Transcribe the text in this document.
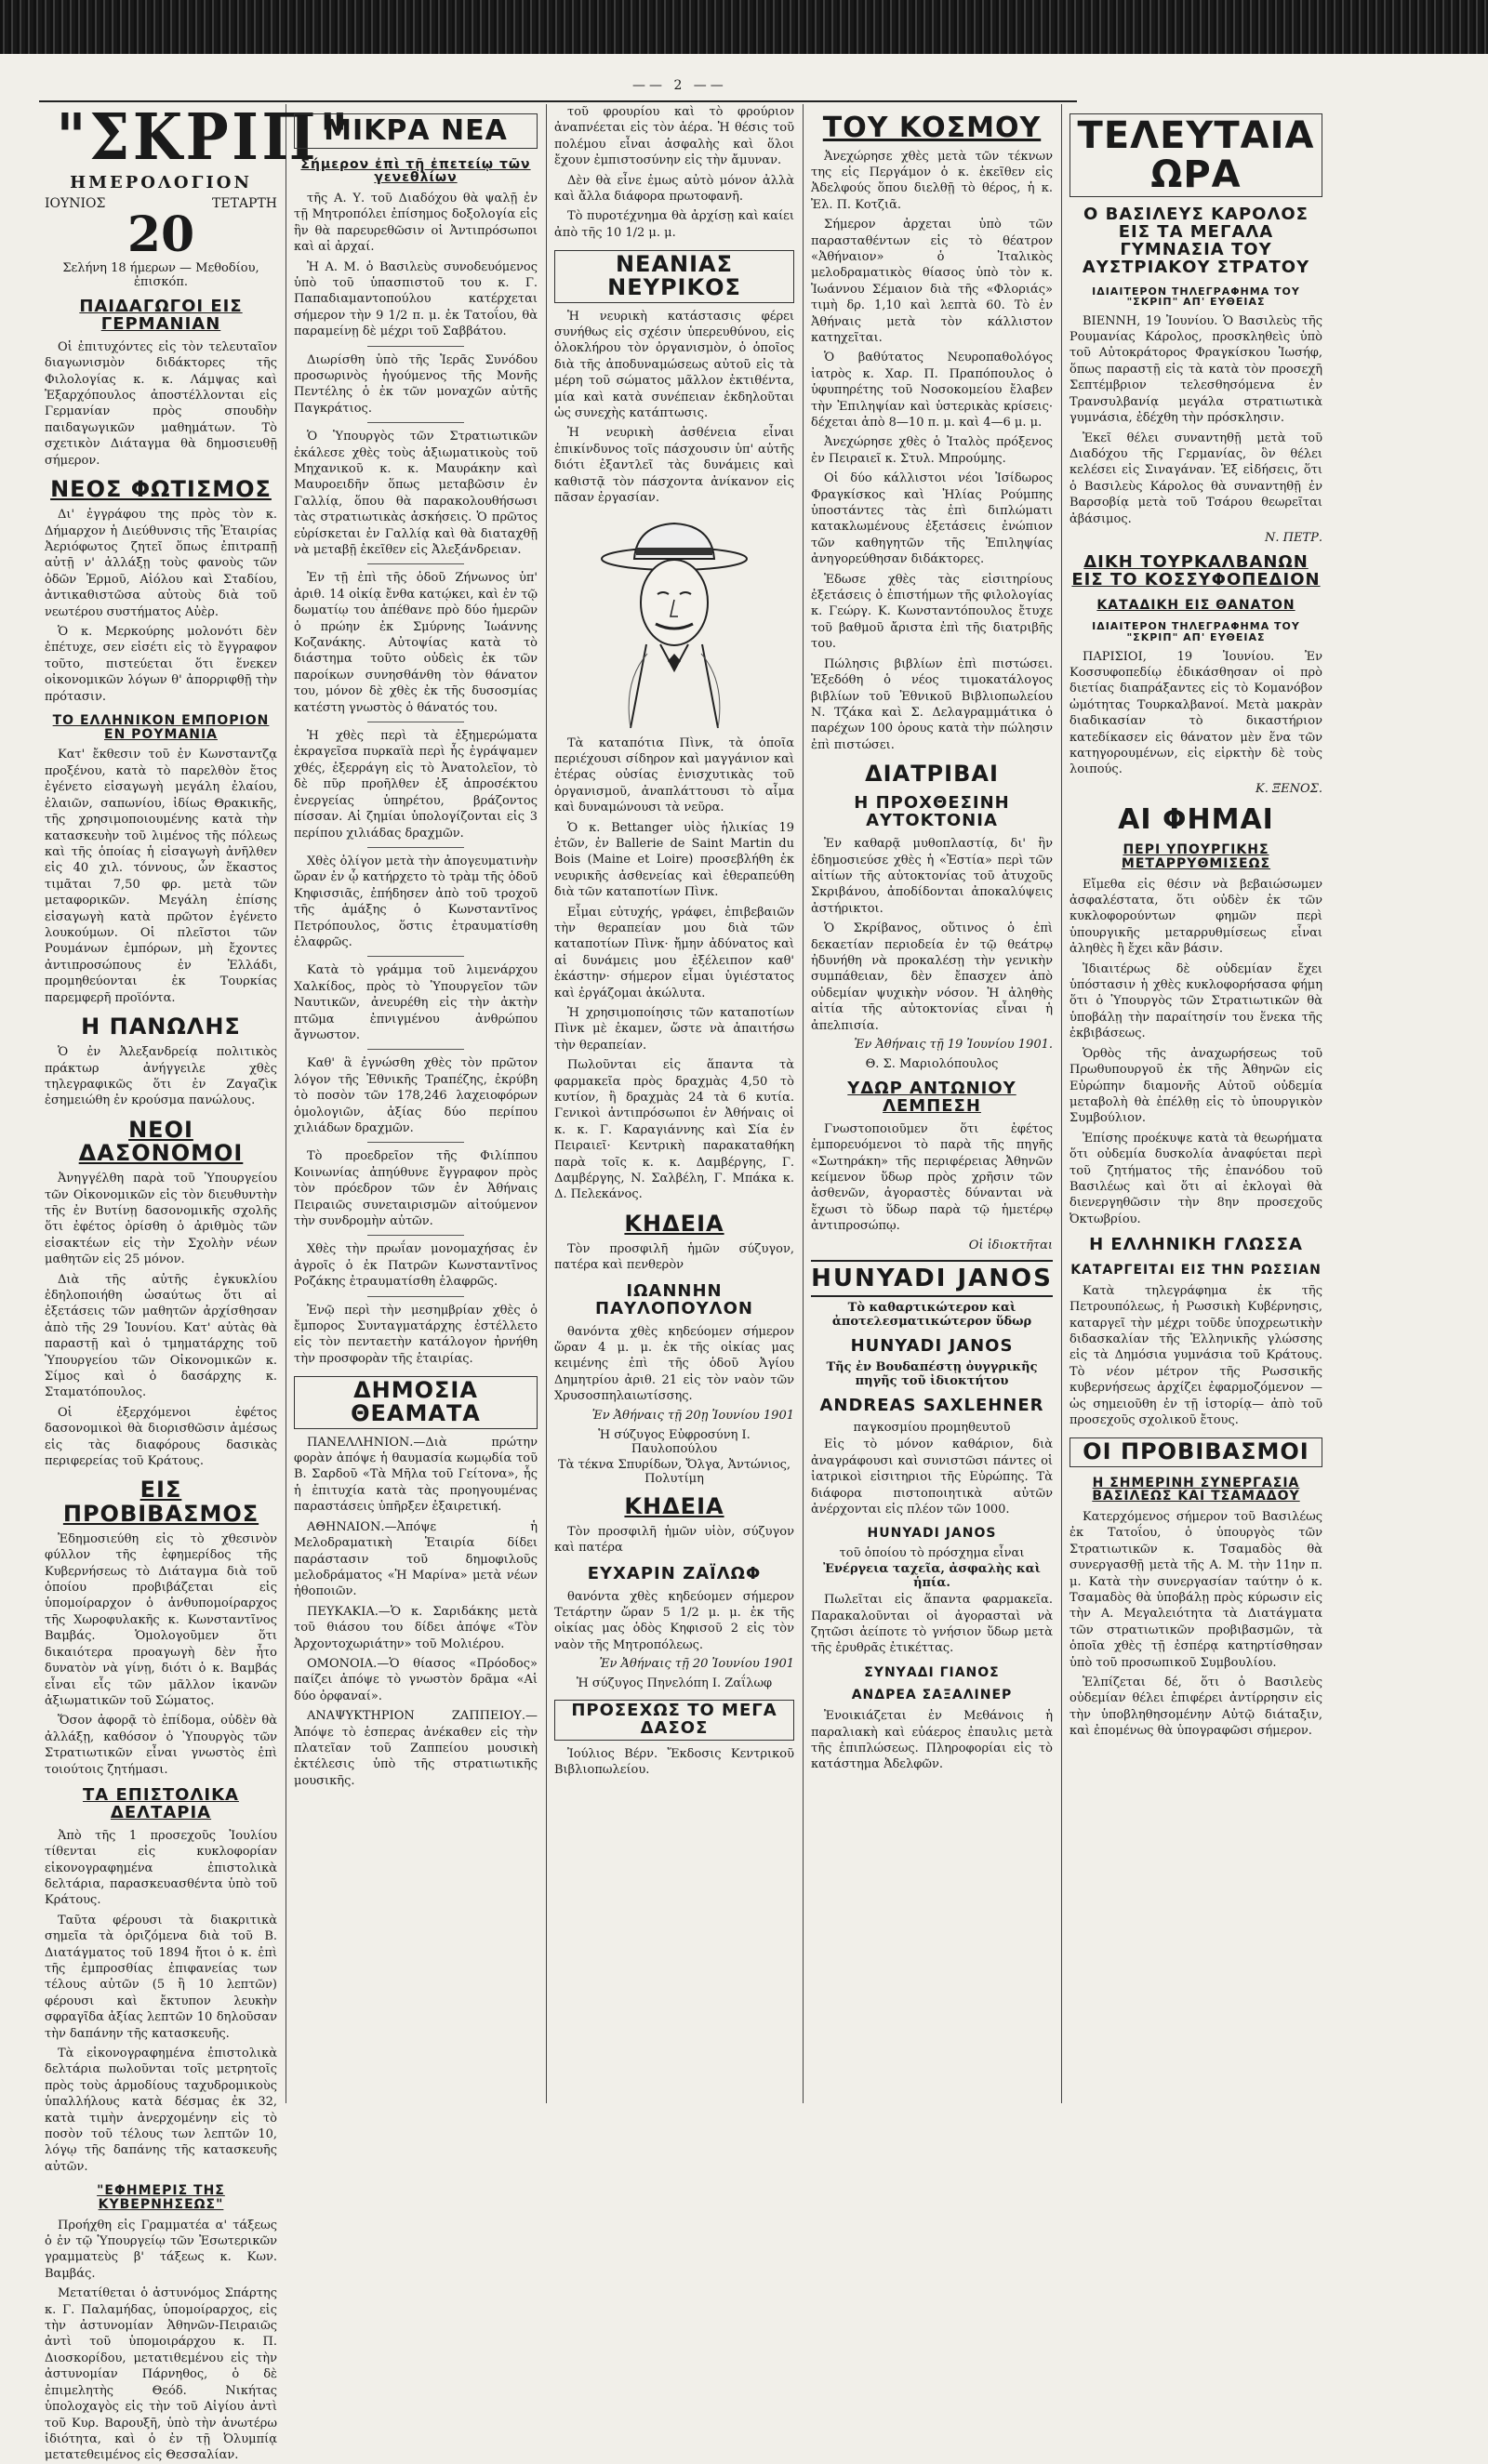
—— 2 ——
"ΣΚΡΙΠ"
ΗΜΕΡΟΛΟΓΙΟΝ
ΙΟΥΝΙΟΣ	ΤΕΤΑΡΤΗ
20
Σελήνη 18 ήμερων — Μεθοδίου, ἐπισκόπ.
ΠΑΙΔΑΓΩΓΟΙ ΕΙΣ ΓΕΡΜΑΝΙΑΝ

Οἱ ἐπιτυχόντες εἰς τὸν τελευταῖον διαγωνισμὸν διδάκτορες τῆς Φιλολογίας κ. κ. Λάμψας καὶ Ἐξαρχόπουλος ἀποστέλλονται εἰς Γερμανίαν πρὸς σπουδὴν παιδαγωγικῶν μαθημάτων. Τὸ σχετικὸν Διάταγμα θὰ δημοσιευθῇ σήμερον.

ΝΕΟΣ ΦΩΤΙΣΜΟΣ

Δι' ἐγγράφου της πρὸς τὸν κ. Δήμαρχον ἡ Διεύθυνσις τῆς Ἑταιρίας Ἀεριόφωτος ζητεῖ ὅπως ἐπιτραπῇ αὐτῇ ν' ἀλλάξῃ τοὺς φανοὺς τῶν ὁδῶν Ἑρμοῦ, Αἰόλου καὶ Σταδίου, ἀντικαθιστῶσα αὐτοὺς διὰ τοῦ νεωτέρου συστήματος Αὐὲρ.

Ὁ κ. Μερκούρης μολονότι δὲν ἐπέτυχε, σεν εἰσέτι εἰς τὸ ἔγγραφον τοῦτο, πιστεύεται ὅτι ἕνεκεν οἰκονομικῶν λόγων θ' ἀπορριφθῇ τὴν πρότασιν.

ΤΟ ΕΛΛΗΝΙΚΟΝ ΕΜΠΟΡΙΟΝ ΕΝ ΡΟΥΜΑΝΙΑ

Κατ' ἔκθεσιν τοῦ ἐν Κωνσταντζᾳ προξένου, κατὰ τὸ παρελθὸν ἔτος ἐγένετο εἰσαγωγὴ μεγάλη ἐλαίου, ἐλαιῶν, σαπωνίου, ἰδίως Θρακικῆς, τῆς χρησιμοποιουμένης κατὰ τὴν κατασκευὴν τοῦ λιμένος τῆς πόλεως καὶ τῆς ὁποίας ἡ εἰσαγωγὴ ἀνῆλθεν εἰς 40 χιλ. τόννους, ὧν ἕκαστος τιμᾶται 7,50 φρ. μετὰ τῶν μεταφορικῶν. Μεγάλη ἐπίσης εἰσαγωγὴ κατὰ πρῶτον ἐγένετο λουκούμων. Οἱ πλεῖστοι τῶν Ρουμάνων ἐμπόρων, μὴ ἔχοντες ἀντιπροσώπους ἐν Ἑλλάδι, προμηθεύονται ἐκ Τουρκίας παρεμφερῆ προϊόντα.

Η ΠΑΝΩΛΗΣ

Ὁ ἐν Ἀλεξανδρείᾳ πολιτικὸς πράκτωρ ἀνήγγειλε χθὲς τηλεγραφικῶς ὅτι ἐν Ζαγαζὶκ ἐσημειώθη ἐν κρούσμα πανώλους.

ΝΕΟΙ ΔΑΣΟΝΟΜΟΙ

Ἀνηγγέλθη παρὰ τοῦ Ὑπουργείου τῶν Οἰκονομικῶν εἰς τὸν διευθυντὴν τῆς ἐν Βυτίνῃ δασονομικῆς σχολῆς ὅτι ἐφέτος ὁρίσθη ὁ ἀριθμὸς τῶν εἰσακτέων εἰς τὴν Σχολὴν νέων μαθητῶν εἰς 25 μόνον.

Διὰ τῆς αὐτῆς ἐγκυκλίου ἐδηλοποιήθη ὡσαύτως ὅτι αἱ ἐξετάσεις τῶν μαθητῶν ἀρχίσθησαν ἀπὸ τῆς 29 Ἰουνίου. Κατ' αὐτὰς θὰ παραστῇ καὶ ὁ τμηματάρχης τοῦ Ὑπουργείου τῶν Οἰκονομικῶν κ. Σίμος καὶ ὁ δασάρχης κ. Σταματόπουλος.

Οἱ ἐξερχόμενοι ἐφέτος δασονομικοὶ θὰ διορισθῶσιν ἀμέσως εἰς τὰς διαφόρους δασικὰς περιφερείας τοῦ Κράτους.

ΕΙΣ ΠΡΟΒΙΒΑΣΜΟΣ

Ἐδημοσιεύθη εἰς τὸ χθεσινὸν φύλλον τῆς ἐφημερίδος τῆς Κυβερνήσεως τὸ Διάταγμα διὰ τοῦ ὁποίου προβιβάζεται εἰς ὑπομοίραρχον ὁ ἀνθυπομοίραρχος τῆς Χωροφυλακῆς κ. Κωνσταντῖνος Βαμβάς. Ὁμολογοῦμεν ὅτι δικαιότερα προαγωγὴ δὲν ἦτο δυνατὸν νὰ γίνῃ, διότι ὁ κ. Βαμβάς εἶναι εἷς τῶν μᾶλλον ἱκανῶν ἀξιωματικῶν τοῦ Σώματος.

Ὅσον ἀφορᾷ τὸ ἐπίδομα, οὐδὲν θὰ ἀλλάξῃ, καθόσον ὁ Ὑπουργὸς τῶν Στρατιωτικῶν εἶναι γνωστὸς ἐπὶ τοιούτοις ζητήμασι.

ΤΑ ΕΠΙΣΤΟΛΙΚΑ ΔΕΛΤΑΡΙΑ

Ἀπὸ τῆς 1 προσεχοῦς Ἰουλίου τίθενται εἰς κυκλοφορίαν εἰκονογραφημένα ἐπιστολικὰ δελτάρια, παρασκευασθέντα ὑπὸ τοῦ Κράτους.

Ταῦτα φέρουσι τὰ διακριτικὰ σημεῖα τὰ ὁριζόμενα διὰ τοῦ Β. Διατάγματος τοῦ 1894 ἤτοι ὁ κ. ἐπὶ τῆς ἐμπροσθίας ἐπιφανείας των τέλους αὐτῶν (5 ἢ 10 λεπτῶν) φέρουσι καὶ ἔκτυπον λευκὴν σφραγῖδα ἀξίας λεπτῶν 10 δηλοῦσαν τὴν δαπάνην τῆς κατασκευῆς.

Τὰ εἰκονογραφημένα ἐπιστολικὰ δελτάρια πωλοῦνται τοῖς μετρητοῖς πρὸς τοὺς ἁρμοδίους ταχυδρομικοὺς ὑπαλλήλους κατὰ δέσμας ἐκ 32, κατὰ τιμὴν ἀνερχομένην εἰς τὸ ποσὸν τοῦ τέλους των λεπτῶν 10, λόγῳ τῆς δαπάνης τῆς κατασκευῆς αὐτῶν.

"ΕΦΗΜΕΡΙΣ ΤΗΣ ΚΥΒΕΡΝΗΣΕΩΣ"

Προήχθη εἰς Γραμματέα α' τάξεως ὁ ἐν τῷ Ὑπουργείῳ τῶν Ἐσωτερικῶν γραμματεὺς β' τάξεως κ. Κων. Βαμβάς.

Μετατίθεται ὁ ἀστυνόμος Σπάρτης κ. Γ. Παλαμήδας, ὑπομοίραρχος, εἰς τὴν ἀστυνομίαν Ἀθηνῶν-Πειραιῶς ἀντὶ τοῦ ὑπομοιράρχου κ. Π. Διοσκορίδου, μετατιθεμένου εἰς τὴν ἀστυνομίαν Πάρνηθος, ὁ δὲ ἐπιμελητὴς Θεόδ. Νικήτας ὑπολοχαγὸς εἰς τὴν τοῦ Αἰγίου ἀντὶ τοῦ Κυρ. Βαρουξῆ, ὑπὸ τὴν ἀνωτέρω ἰδιότητα, καὶ ὁ ἐν τῇ Ὀλυμπίᾳ μετατεθειμένος εἰς Θεσσαλίαν.

ΜΙΚΡΑ ΝΕΑ
Σήμερον ἐπὶ τῇ ἐπετείῳ τῶν γενεθλίων

τῆς Α. Υ. τοῦ Διαδόχου θὰ ψαλῇ ἐν τῇ Μητροπόλει ἐπίσημος δοξολογία εἰς ἣν θὰ παρευρεθῶσιν οἱ Ἀντιπρόσωποι καὶ αἱ ἀρχαί.

Ἡ Α. Μ. ὁ Βασιλεὺς συνοδευόμενος ὑπὸ τοῦ ὑπασπιστοῦ του κ. Γ. Παπαδιαμαντοπούλου κατέρχεται σήμερον τὴν 9 1/2 π. μ. ἐκ Τατοΐου, θὰ παραμείνῃ δὲ μέχρι τοῦ Σαββάτου.

Διωρίσθη ὑπὸ τῆς Ἱερᾶς Συνόδου προσωρινὸς ἡγούμενος τῆς Μονῆς Πεντέλης ὁ ἐκ τῶν μοναχῶν αὐτῆς Παγκράτιος.

Ὁ Ὑπουργὸς τῶν Στρατιωτικῶν ἐκάλεσε χθὲς τοὺς ἀξιωματικοὺς τοῦ Μηχανικοῦ κ. κ. Μαυράκην καὶ Μαυροειδῆν ὅπως μεταβῶσιν ἐν Γαλλίᾳ, ὅπου θὰ παρακολουθήσωσι τὰς στρατιωτικὰς ἀσκήσεις. Ὁ πρῶτος εὑρίσκεται ἐν Γαλλίᾳ καὶ θὰ διαταχθῇ νὰ μεταβῇ ἐκεῖθεν εἰς Ἀλεξάνδρειαν.

Ἐν τῇ ἐπὶ τῆς ὁδοῦ Ζήνωνος ὑπ' ἀριθ. 14 οἰκίᾳ ἔνθα κατῴκει, καὶ ἐν τῷ δωματίῳ του ἀπέθανε πρὸ δύο ἡμερῶν ὁ πρώην ἐκ Σμύρνης Ἰωάννης Κοζανάκης. Αὐτοψίας κατὰ τὸ διάστημα τοῦτο οὐδεὶς ἐκ τῶν παροίκων συνησθάνθη τὸν θάνατον του, μόνον δὲ χθὲς ἐκ τῆς δυσοσμίας κατέστη γνωστὸς ὁ θάνατός του.

Ἡ χθὲς περὶ τὰ ἐξημερώματα ἐκραγεῖσα πυρκαϊὰ περὶ ἧς ἐγράψαμεν χθές, ἐξερράγη εἰς τὸ Ἀνατολεῖον, τὸ δὲ πῦρ προῆλθεν ἐξ ἀπροσέκτου ἐνεργείας ὑπηρέτου, βράζοντος πίσσαν. Αἱ ζημίαι ὑπολογίζονται εἰς 3 περίπου χιλιάδας δραχμῶν.

Χθὲς ὀλίγον μετὰ τὴν ἀπογευματινὴν ὥραν ἐν ᾧ κατήρχετο τὸ τρὰμ τῆς ὁδοῦ Κηφισσιᾶς, ἐπήδησεν ἀπὸ τοῦ τροχοῦ τῆς ἁμάξης ὁ Κωνσταντῖνος Πετρόπουλος, ὅστις ἐτραυματίσθη ἐλαφρῶς.

Κατὰ τὸ γράμμα τοῦ λιμενάρχου Χαλκίδος, πρὸς τὸ Ὑπουργεῖον τῶν Ναυτικῶν, ἀνευρέθη εἰς τὴν ἀκτὴν πτῶμα ἐπνιγμένου ἀνθρώπου ἄγνωστον.

Καθ' ἃ ἐγνώσθη χθὲς τὸν πρῶτον λόγον τῆς Ἐθνικῆς Τραπέζης, ἐκρύβη τὸ ποσὸν τῶν 178,246 λαχειοφόρων ὁμολογιῶν, ἀξίας δύο περίπου χιλιάδων δραχμῶν.

Τὸ προεδρεῖον τῆς Φιλίππου Κοινωνίας ἀπηύθυνε ἔγγραφον πρὸς τὸν πρόεδρον τῶν ἐν Ἀθήναις Πειραιῶς συνεταιρισμῶν αἰτούμενον τὴν συνδρομὴν αὐτῶν.

Χθὲς τὴν πρωΐαν μονομαχήσας ἐν ἀγροῖς ὁ ἐκ Πατρῶν Κωνσταντῖνος Ροζάκης ἐτραυματίσθη ἐλαφρῶς.

Ἐνῷ περὶ τὴν μεσημβρίαν χθὲς ὁ ἔμπορος Συνταγματάρχης ἐστέλλετο εἰς τὸν πενταετὴν κατάλογον ἠρνήθη τὴν προσφορὰν τῆς ἑταιρίας.

ΔΗΜΟΣΙΑ ΘΕΑΜΑΤΑ

ΠΑΝΕΛΛΗΝΙΟΝ.—Διὰ πρώτην φορὰν ἀπόψε ἡ θαυμασία κωμῳδία τοῦ Β. Σαρδοῦ «Τὰ Μῆλα τοῦ Γείτονα», ἧς ἡ ἐπιτυχία κατὰ τὰς προηγουμένας παραστάσεις ὑπῆρξεν ἐξαιρετική.

ΑΘΗΝΑΙΟΝ.—Ἀπόψε ἡ Μελοδραματικὴ Ἑταιρία δίδει παράστασιν τοῦ δημοφιλοῦς μελοδράματος «Ἡ Μαρίνα» μετὰ νέων ἠθοποιῶν.

ΠΕΥΚΑΚΙΑ.—Ὁ κ. Σαριδάκης μετὰ τοῦ θιάσου του δίδει ἀπόψε «Τὸν Ἀρχοντοχωριάτην» τοῦ Μολιέρου.

ΟΜΟΝΟΙΑ.—Ὁ θίασος «Πρόοδος» παίζει ἀπόψε τὸ γνωστὸν δρᾶμα «Αἱ δύο ὀρφαναί».

ΑΝΑΨΥΚΤΗΡΙΟΝ ΖΑΠΠΕΙΟΥ.—Ἀπόψε τὸ ἑσπερας ἀνέκαθεν εἰς τὴν πλατεῖαν τοῦ Ζαππείου μουσικὴ ἐκτέλεσις ὑπὸ τῆς στρατιωτικῆς μουσικῆς.

τοῦ φρουρίου καὶ τὸ φρούριον ἀναπνέεται εἰς τὸν ἀέρα. Ἡ θέσις τοῦ πολέμου εἶναι ἀσφαλὴς καὶ ὅλοι ἔχουν ἐμπιστοσύνην εἰς τὴν ἄμυναν.

Δὲν θὰ εἶνε ἐμως αὐτὸ μόνον ἀλλὰ καὶ ἄλλα διάφορα πρωτοφανῆ.

Τὸ πυροτέχνημα θὰ ἀρχίσῃ καὶ καίει ἀπὸ τῆς 10 1/2 μ. μ.

ΝΕΑΝΙΑΣ ΝΕΥΡΙΚΟΣ

Ἡ νευρικὴ κατάστασις φέρει συνήθως εἰς σχέσιν ὑπερευθύνου, εἰς ὀλοκλήρου τὸν ὀργανισμὸν, ὁ ὁποῖος διὰ τῆς ἀποδυναμώσεως αὐτοῦ εἰς τὰ μέρη τοῦ σώματος μᾶλλον ἐκτιθέντα, μία καὶ κατὰ συνέπειαν ἐκδηλοῦται ὡς συνεχὴς κατάπτωσις.

Ἡ νευρικὴ ἀσθένεια εἶναι ἐπικίνδυνος τοῖς πάσχουσιν ὑπ' αὐτῆς διότι ἐξαντλεῖ τὰς δυνάμεις καὶ καθιστᾷ τὸν πάσχοντα ἀνίκανον εἰς πᾶσαν ἐργασίαν.

Τὰ καταπότια Πὶνκ, τὰ ὁποῖα περιέχουσι σίδηρον καὶ μαγγάνιον καὶ ἑτέρας οὐσίας ἐνισχυτικὰς τοῦ ὀργανισμοῦ, ἀναπλάττουσι τὸ αἷμα καὶ δυναμώνουσι τὰ νεῦρα.

Ὁ κ. Bettanger υἱὸς ἡλικίας 19 ἐτῶν, ἐν Ballerie de Saint Martin du Bois (Maine et Loire) προσεβλήθη ἐκ νευρικῆς ἀσθενείας καὶ ἐθεραπεύθη διὰ τῶν καταποτίων Πὶνκ.

Εἶμαι εὐτυχής, γράφει, ἐπιβεβαιῶν τὴν θεραπείαν μου διὰ τῶν καταποτίων Πὶνκ· ἤμην ἀδύνατος καὶ αἱ δυνάμεις μου ἐξέλειπον καθ' ἑκάστην· σήμερον εἶμαι ὑγιέστατος καὶ ἐργάζομαι ἀκώλυτα.

Ἡ χρησιμοποίησις τῶν καταποτίων Πὶνκ μὲ ἐκαμεν, ὥστε νὰ ἀπαιτήσω τὴν θεραπείαν.

Πωλοῦνται εἰς ἅπαντα τὰ φαρμακεῖα πρὸς δραχμὰς 4,50 τὸ κυτίον, ἢ δραχμὰς 24 τὰ 6 κυτία. Γενικοὶ ἀντιπρόσωποι ἐν Ἀθήναις οἱ κ. κ. Γ. Καραγιάννης καὶ Σία ἐν Πειραιεῖ· Κεντρικὴ παρακαταθήκη παρὰ τοῖς κ. κ. Δαμβέργης, Γ. Δαμβέργης, Ν. Σαλβέλη, Γ. Μπάκα κ. Δ. Πελεκάνος.

ΚΗΔΕΙΑ

Τὸν προσφιλῆ ἡμῶν σύζυγον, πατέρα καὶ πενθερὸν

ΙΩΑΝΝΗΝ ΠΑΥΛΟΠΟΥΛΟΝ

θανόντα χθὲς κηδεύομεν σήμερον ὥραν 4 μ. μ. ἐκ τῆς οἰκίας μας κειμένης ἐπὶ τῆς ὁδοῦ Ἀγίου Δημητρίου ἀριθ. 21 εἰς τὸν ναὸν τῶν Χρυσοσπηλαιωτίσσης.

Ἐν Ἀθήναις τῇ 20ῃ Ἰουνίου 1901
Ἡ σύζυγος Εὐφροσύνη Ι. Παυλοπούλου
Τὰ τέκνα Σπυρίδων, Ὄλγα, Ἀντώνιος, Πολυτίμη
ΚΗΔΕΙΑ

Τὸν προσφιλῆ ἡμῶν υἱὸν, σύζυγον καὶ πατέρα

ΕΥΧΑΡΙΝ ΖΑΪΛΩΦ

θανόντα χθὲς κηδεύομεν σήμερον Τετάρτην ὥραν 5 1/2 μ. μ. ἐκ τῆς οἰκίας μας ὁδὸς Κηφισοῦ 2 εἰς τὸν ναὸν τῆς Μητροπόλεως.

Ἐν Ἀθήναις τῇ 20 Ἰουνίου 1901
Ἡ σύζυγος Πηνελόπη Ι. Ζαΐλωφ
ΠΡΟΣΕΧΩΣ ΤΟ ΜΕΓΑ ΔΑΣΟΣ

Ἰούλιος Βέρν. Ἔκδοσις Κεντρικοῦ Βιβλιοπωλείου.

ΤΟΥ ΚΟΣΜΟΥ

Ἀνεχώρησε χθὲς μετὰ τῶν τέκνων της εἰς Περγάμον ὁ κ. ἐκεῖθεν εἰς Ἀδελφούς ὅπου διελθῇ τὸ θέρος, ἡ κ. Ἐλ. Π. Κοτζιᾶ.

Σήμερον ἀρχεται ὑπὸ τῶν παρασταθέντων εἰς τὸ θέατρον «Ἀθήναιον» ὁ Ἰταλικὸς μελοδραματικὸς θίασος ὑπὸ τὸν κ. Ἰωάννου Σέμαιον διὰ τῆς «Φλοριάς» τιμὴ δρ. 1,10 καὶ λεπτὰ 60. Τὸ ἐν Ἀθήναις μετὰ τὸν κάλλιστον κατηχεῖται.

Ὁ βαθύτατος Νευροπαθολόγος ἰατρὸς κ. Χαρ. Π. Πραπόπουλος ὁ ὑφυπηρέτης τοῦ Νοσοκομείου ἔλαβεν τὴν Ἐπιληψίαν καὶ ὑστερικὰς κρίσεις· δέχεται ἀπὸ 8—10 π. μ. καὶ 4—6 μ. μ.

Ἀνεχώρησε χθὲς ὁ Ἰταλὸς πρόξενος ἐν Πειραιεῖ κ. Στυλ. Μπρούμης.

Οἱ δύο κάλλιστοι νέοι Ἰσίδωρος Φραγκίσκος καὶ Ἠλίας Ρούμπης ὑποστάντες τὰς ἐπὶ διπλώματι κατακλωμένους ἐξετάσεις ἐνώπιον τῶν καθηγητῶν τῆς Ἐπιληψίας ἀνηγορεύθησαν διδάκτορες.

Ἐδωσε χθὲς τὰς εἰσιτηρίους ἐξετάσεις ὁ ἐπιστήμων τῆς φιλολογίας κ. Γεώργ. Κ. Κωνσταντόπουλος ἔτυχε τοῦ βαθμοῦ ἄριστα ἐπὶ τῆς διατριβῆς του.

Πώλησις βιβλίων ἐπὶ πιστώσει. Ἐξεδόθη ὁ νέος τιμοκατάλογος βιβλίων τοῦ Ἐθνικοῦ Βιβλιοπωλείου Ν. Τζάκα καὶ Σ. Δελαγραμμάτικα ὁ παρέχων 100 ὁρους κατὰ τὴν πώλησιν ἐπὶ πιστώσει.

ΔΙΑΤΡΙΒΑΙ
Η ΠΡΟΧΘΕΣΙΝΗ ΑΥΤΟΚΤΟΝΙΑ

Ἐν καθαρᾷ μυθοπλαστίᾳ, δι' ἣν ἐδημοσιεύσε χθὲς ἡ «Ἑστία» περὶ τῶν αἰτίων τῆς αὐτοκτονίας τοῦ ἀτυχοῦς Σκριβάνου, ἀποδίδονται ἀποκαλύψεις ἀστήρικτοι.

Ὁ Σκρίβανος, οὕτινος ὁ ἐπὶ δεκαετίαν περιοδεία ἐν τῷ θεάτρῳ ἠδυνήθη νὰ προκαλέσῃ τὴν γενικὴν συμπάθειαν, δὲν ἔπασχεν ἀπὸ οὐδεμίαν ψυχικὴν νόσον. Ἡ ἀληθὴς αἰτία τῆς αὐτοκτονίας εἶναι ἡ ἀπελπισία.

Ἐν Ἀθήναις τῇ 19 Ἰουνίου 1901.
Θ. Σ. Μαριολόπουλος
ΥΔΩΡ ΑΝΤΩΝΙΟΥ ΛΕΜΠΕΣΗ

Γνωστοποιοῦμεν ὅτι ἐφέτος ἐμπορευόμενοι τὸ παρὰ τῆς πηγῆς «Σωτηράκη» τῆς περιφέρειας Ἀθηνῶν κείμενον ὕδωρ πρὸς χρῆσιν τῶν ἀσθενῶν, ἀγοραστὲς δύνανται νὰ ἔχωσι τὸ ὕδωρ παρὰ τῷ ἡμετέρῳ ἀντιπροσώπῳ.

Οἱ ἰδιοκτῆται
HUNYADI JANOS
Τὸ καθαρτικώτερον καὶ ἀποτελεσματικώτερον ὕδωρ
HUNYADI JANOS
Τῆς ἐν Βουδαπέστῃ ὀυγγρικῆς πηγῆς τοῦ ἰδιοκτήτου
ANDREAS SAXLEHNER
παγκοσμίου προμηθευτοῦ

Εἰς τὸ μόνον καθάριον, διὰ ἀναγράφουσι καὶ συνιστῶσι πάντες οἱ ἰατρικοὶ εἰσιτηριοι τῆς Εὐρώπης. Τὰ διάφορα πιστοποιητικὰ αὐτῶν ἀνέρχονται εἰς πλέον τῶν 1000.

HUNYADI JANOS
τοῦ ὁποίου τὸ πρόσχημα εἶναι
Ἐνέργεια ταχεῖα, ἀσφαλὴς καὶ ἡπία.

Πωλεῖται εἰς ἅπαντα φαρμακεῖα. Παρακαλοῦνται οἱ ἀγορασταὶ νὰ ζητῶσι ἀείποτε τὸ γνήσιον ὕδωρ μετὰ τῆς ἐρυθρᾶς ἐτικέττας.

ΣΥΝΥΑΔΙ ΓΙΑΝΟΣ
ΑΝΔΡΕΑ ΣΑΞΑΛΙΝΕΡ

Ἐνοικιάζεται ἐν Μεθάνοις ἡ παραλιακὴ καὶ εὐάερος ἐπαυλις μετὰ τῆς ἐπιπλώσεως. Πληροφορίαι εἰς τὸ κατάστημα Ἀδελφῶν.

ΤΕΛΕΥΤΑΙΑ ΩΡΑ
Ο ΒΑΣΙΛΕΥΣ ΚΑΡΟΛΟΣ ΕΙΣ ΤΑ ΜΕΓΑΛΑ ΓΥΜΝΑΣΙΑ ΤΟΥ ΑΥΣΤΡΙΑΚΟΥ ΣΤΡΑΤΟΥ
ΙΔΙΑΙΤΕΡΟΝ ΤΗΛΕΓΡΑΦΗΜΑ ΤΟΥ "ΣΚΡΙΠ" ΑΠ' ΕΥΘΕΙΑΣ

ΒΙΕΝΝΗ, 19 Ἰουνίου. Ὁ Βασιλεὺς τῆς Ρουμανίας Κάρολος, προσκληθεὶς ὑπὸ τοῦ Αὐτοκράτορος Φραγκίσκου Ἰωσήφ, ὅπως παραστῇ εἰς τὰ κατὰ τὸν προσεχῆ Σεπτέμβριον τελεσθησόμενα ἐν Τρανσυλβανίᾳ μεγάλα στρατιωτικὰ γυμνάσια, ἐδέχθη τὴν πρόσκλησιν.

Ἐκεῖ θέλει συναντηθῇ μετὰ τοῦ Διαδόχου τῆς Γερμανίας, ὃν θέλει κελέσει εἰς Σιναγάναν. Ἐξ εἰδήσεις, ὅτι ὁ Βασιλεὺς Κάρολος θὰ συναντηθῇ ἐν Βαρσοβίᾳ μετὰ τοῦ Τσάρου θεωρεῖται ἀβάσιμος.

Ν. ΠΕΤΡ.
ΔΙΚΗ ΤΟΥΡΚΑΛΒΑΝΩΝ ΕΙΣ ΤΟ ΚΟΣΣΥΦΟΠΕΔΙΟΝ
ΚΑΤΑΔΙΚΗ ΕΙΣ ΘΑΝΑΤΟΝ
ΙΔΙΑΙΤΕΡΟΝ ΤΗΛΕΓΡΑΦΗΜΑ ΤΟΥ "ΣΚΡΙΠ" ΑΠ' ΕΥΘΕΙΑΣ

ΠΑΡΙΣΙΟΙ, 19 Ἰουνίου. Ἐν Κοσσυφοπεδίῳ ἐδικάσθησαν οἱ πρὸ διετίας διαπράξαντες εἰς τὸ Κομανόβον ὠμότητας Τουρκαλβανοί. Μετὰ μακρὰν διαδικασίαν τὸ δικαστήριον κατεδίκασεν εἰς θάνατον μὲν ἕνα τῶν κατηγορουμένων, εἰς εἱρκτὴν δὲ τοὺς λοιπούς.

Κ. ΞΕΝΟΣ.
ΑΙ ΦΗΜΑΙ
ΠΕΡΙ ΥΠΟΥΡΓΙΚΗΣ ΜΕΤΑΡΡΥΘΜΙΣΕΩΣ

Εἴμεθα εἰς θέσιν νὰ βεβαιώσωμεν ἀσφαλέστατα, ὅτι οὐδὲν ἐκ τῶν κυκλοφορούντων φημῶν περὶ ὑπουργικῆς μεταρρυθμίσεως εἶναι ἀληθὲς ἢ ἔχει κἂν βάσιν.

Ἰδιαιτέρως δὲ οὐδεμίαν ἔχει ὑπόστασιν ἡ χθὲς κυκλοφορήσασα φήμη ὅτι ὁ Ὑπουργὸς τῶν Στρατιωτικῶν θὰ ὑποβάλῃ τὴν παραίτησίν του ἕνεκα τῆς ἐκβιβάσεως.

Ὁρθὸς τῆς ἀναχωρήσεως τοῦ Πρωθυπουργοῦ ἐκ τῆς Ἀθηνῶν εἰς Εὐρώπην διαμονῆς Αὐτοῦ οὐδεμία μεταβολὴ θὰ ἐπέλθῃ εἰς τὸ ὑπουργικὸν Συμβούλιον.

Ἐπίσης προέκυψε κατὰ τὰ θεωρήματα ὅτι οὐδεμία δυσκολία ἀναφύεται περὶ τοῦ ζητήματος τῆς ἐπανόδου τοῦ Βασιλέως καὶ ὅτι αἱ ἐκλογαὶ θὰ διενεργηθῶσιν τὴν 8ην προσεχοῦς Ὀκτωβρίου.

Η ΕΛΛΗΝΙΚΗ ΓΛΩΣΣΑ
ΚΑΤΑΡΓΕΙΤΑΙ ΕΙΣ ΤΗΝ ΡΩΣΣΙΑΝ

Κατὰ τηλεγράφημα ἐκ τῆς Πετρουπόλεως, ἡ Ρωσσικὴ Κυβέρνησις, καταργεῖ τὴν μέχρι τοῦδε ὑποχρεωτικὴν διδασκαλίαν τῆς Ἑλληνικῆς γλώσσης εἰς τὰ Δημόσια γυμνάσια τοῦ Κράτους. Τὸ νέον μέτρον τῆς Ρωσσικῆς κυβερνήσεως ἀρχίζει ἐφαρμοζόμενον —ὡς σημειοῦθη ἐν τῇ ἱστορίᾳ— ἀπὸ τοῦ προσεχοῦς σχολικοῦ ἔτους.

ΟΙ ΠΡΟΒΙΒΑΣΜΟΙ
Η ΣΗΜΕΡΙΝΗ ΣΥΝΕΡΓΑΣΙΑ ΒΑΣΙΛΕΩΣ ΚΑΙ ΤΣΑΜΑΔΟΥ

Κατερχόμενος σήμερον τοῦ Βασιλέως ἐκ Τατοΐου, ὁ ὑπουργὸς τῶν Στρατιωτικῶν κ. Τσαμαδὸς θὰ συνεργασθῇ μετὰ τῆς Α. Μ. τὴν 11ην π. μ. Κατὰ τὴν συνεργασίαν ταύτην ὁ κ. Τσαμαδὸς θὰ ὑποβάλῃ πρὸς κύρωσιν εἰς τὴν Α. Μεγαλειότητα τὰ Διατάγματα τῶν στρατιωτικῶν προβιβασμῶν, τὰ ὁποῖα χθὲς τῇ ἐσπέρᾳ κατηρτίσθησαν ὑπὸ τοῦ προσωπικοῦ Συμβουλίου.

Ἐλπίζεται δέ, ὅτι ὁ Βασιλεὺς οὐδεμίαν θέλει ἐπιφέρει ἀντίρρησιν εἰς τὴν ὑποβληθησομένην Αὐτῷ διάταξιν, καὶ ἐπομένως θὰ ὑπογραφῶσι σήμερον.
